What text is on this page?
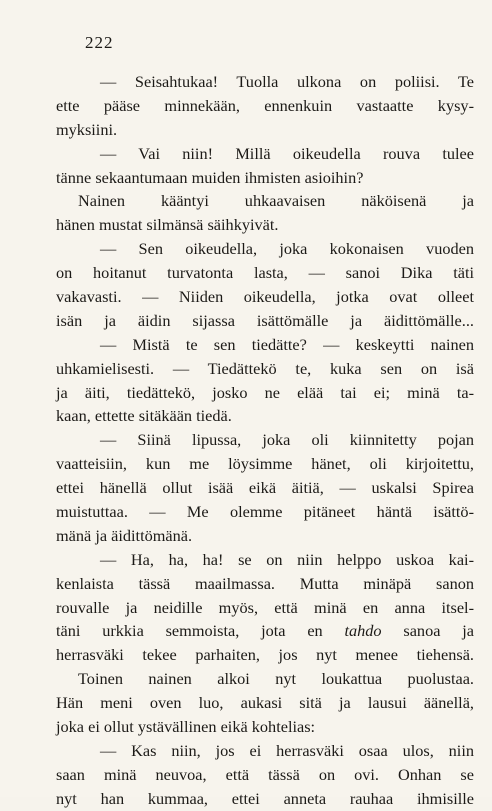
222
— Seisahtukaa! Tuolla ulkona on poliisi. Te
ette pääse minnekään, ennenkuin vastaatte kysy-
myksiini.
— Vai niin! Millä oikeudella rouva tulee
tänne sekaantumaan muiden ihmisten asioihin?
Nainen kääntyi uhkaavaisen näköisenä ja
hänen mustat silmänsä säihkyivät.
— Sen oikeudella, joka kokonaisen vuoden
on hoitanut turvatonta lasta, — sanoi Dika täti
vakavasti. — Niiden oikeudella, jotka ovat olleet
isän ja äidin sijassa isättömälle ja äidittömälle...
— Mistä te sen tiedätte? — keskeytti nainen
uhkamielisesti. — Tiedättekö te, kuka sen on isä
ja äiti, tiedättekö, josko ne elää tai ei; minä ta-
kaan, ettette sitäkään tiedä.
— Siinä lipussa, joka oli kiinnitetty pojan
vaatteisiin, kun me löysimme hänet, oli kirjoitettu,
ettei hänellä ollut isää eikä äitiä, — uskalsi Spirea
muistuttaa. — Me olemme pitäneet häntä isättö-
mänä ja äidittömänä.
— Ha, ha, ha! se on niin helppo uskoa kai-
kenlaista tässä maailmassa. Mutta minäpä sanon
rouvalle ja neidille myös, että minä en anna itsel-
täni urkkia semmoista, jota en tahdo sanoa ja
herrasväki tekee parhaiten, jos nyt menee tiehensä.
Toinen nainen alkoi nyt loukattua puolustaa.
Hän meni oven luo, aukasi sitä ja lausui äänellä,
joka ei ollut ystävällinen eikä kohtelias:
— Kas niin, jos ei herrasväki osaa ulos, niin
saan minä neuvoa, että tässä on ovi. Onhan se
nyt han kummaa, ettei anneta rauhaa ihmisille
